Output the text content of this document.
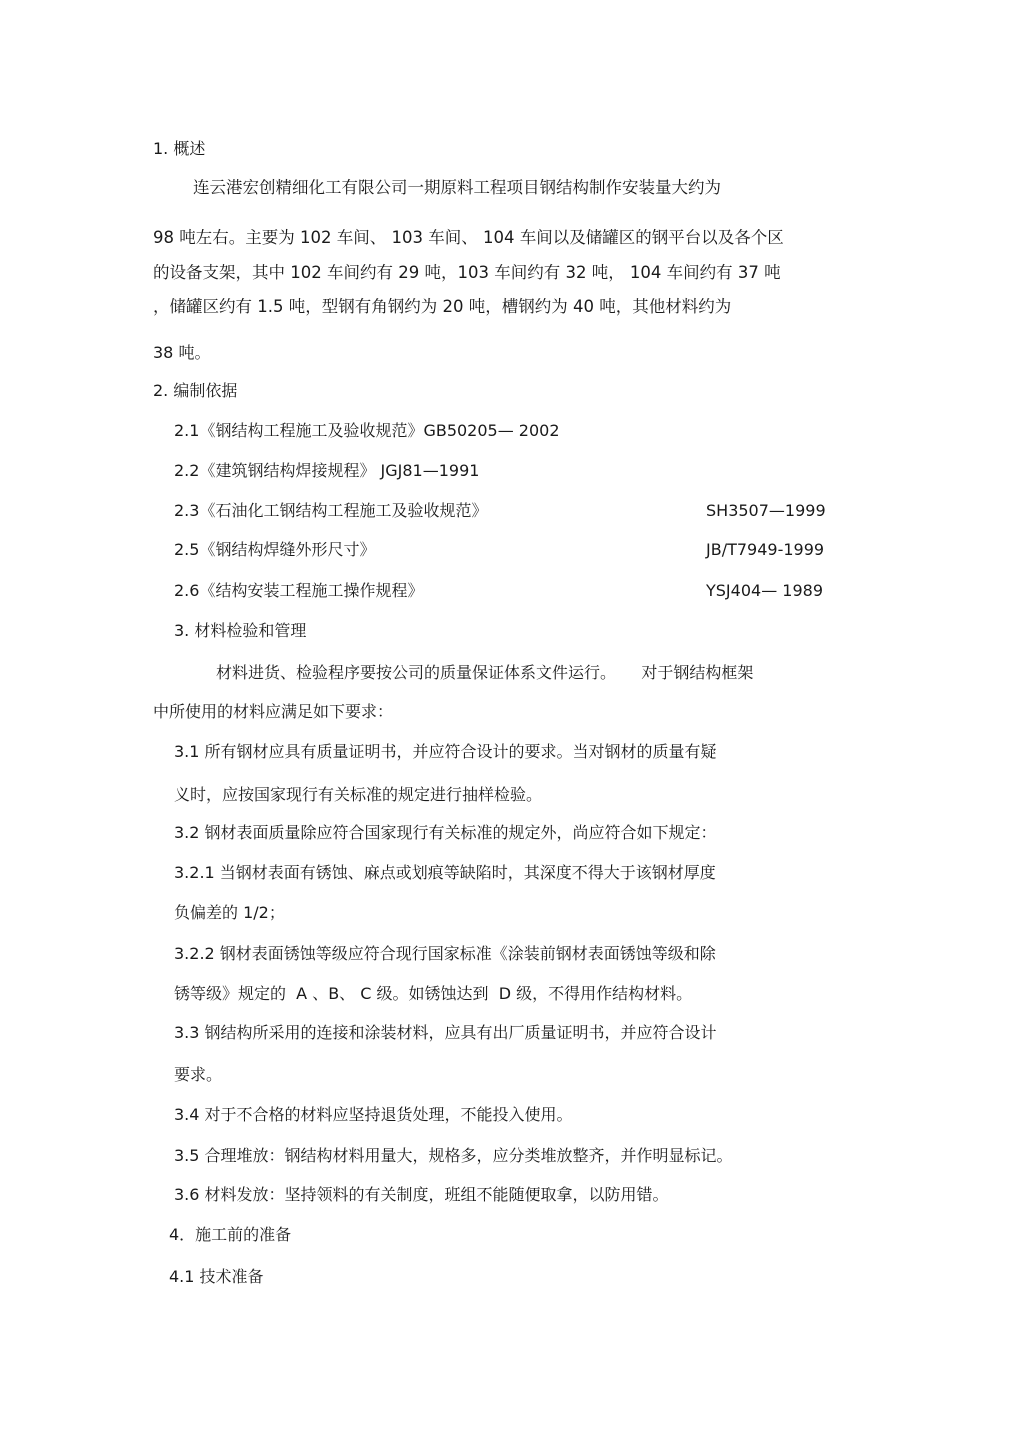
1. 概述
连云港宏创精细化工有限公司一期原料工程项目钢结构制作安装量大约为
98 吨左右。主要为 102 车间、 103 车间、 104 车间以及储罐区的钢平台以及各个区
的设备支架，其中 102 车间约有 29 吨，103 车间约有 32 吨， 104 车间约有 37 吨
，储罐区约有 1.5 吨，型钢有角钢约为 20 吨，槽钢约为 40 吨，其他材料约为
38 吨。
2. 编制依据
2.1《钢结构工程施工及验收规范》GB50205— 2002
2.2《建筑钢结构焊接规程》 JGJ81—1991
2.3《石油化工钢结构工程施工及验收规范》	SH3507—1999
2.5《钢结构焊缝外形尺寸》	JB/T7949-1999
2.6《结构安装工程施工操作规程》	YSJ404— 1989
3. 材料检验和管理
材料进货、检验程序要按公司的质量保证体系文件运行。     对于钢结构框架
中所使用的材料应满足如下要求：
3.1 所有钢材应具有质量证明书，并应符合设计的要求。当对钢材的质量有疑
义时，应按国家现行有关标准的规定进行抽样检验。
3.2 钢材表面质量除应符合国家现行有关标准的规定外，尚应符合如下规定：
3.2.1 当钢材表面有锈蚀、麻点或划痕等缺陷时，其深度不得大于该钢材厚度
负偏差的 1/2；
3.2.2 钢材表面锈蚀等级应符合现行国家标准《涂装前钢材表面锈蚀等级和除
锈等级》规定的  A 、B、 C 级。如锈蚀达到  D 级，不得用作结构材料。
3.3 钢结构所采用的连接和涂装材料，应具有出厂质量证明书，并应符合设计
要求。
3.4 对于不合格的材料应坚持退货处理，不能投入使用。
3.5 合理堆放：钢结构材料用量大，规格多，应分类堆放整齐，并作明显标记。
3.6 材料发放：坚持领料的有关制度，班组不能随便取拿，以防用错。
4．施工前的准备
4.1 技术准备
